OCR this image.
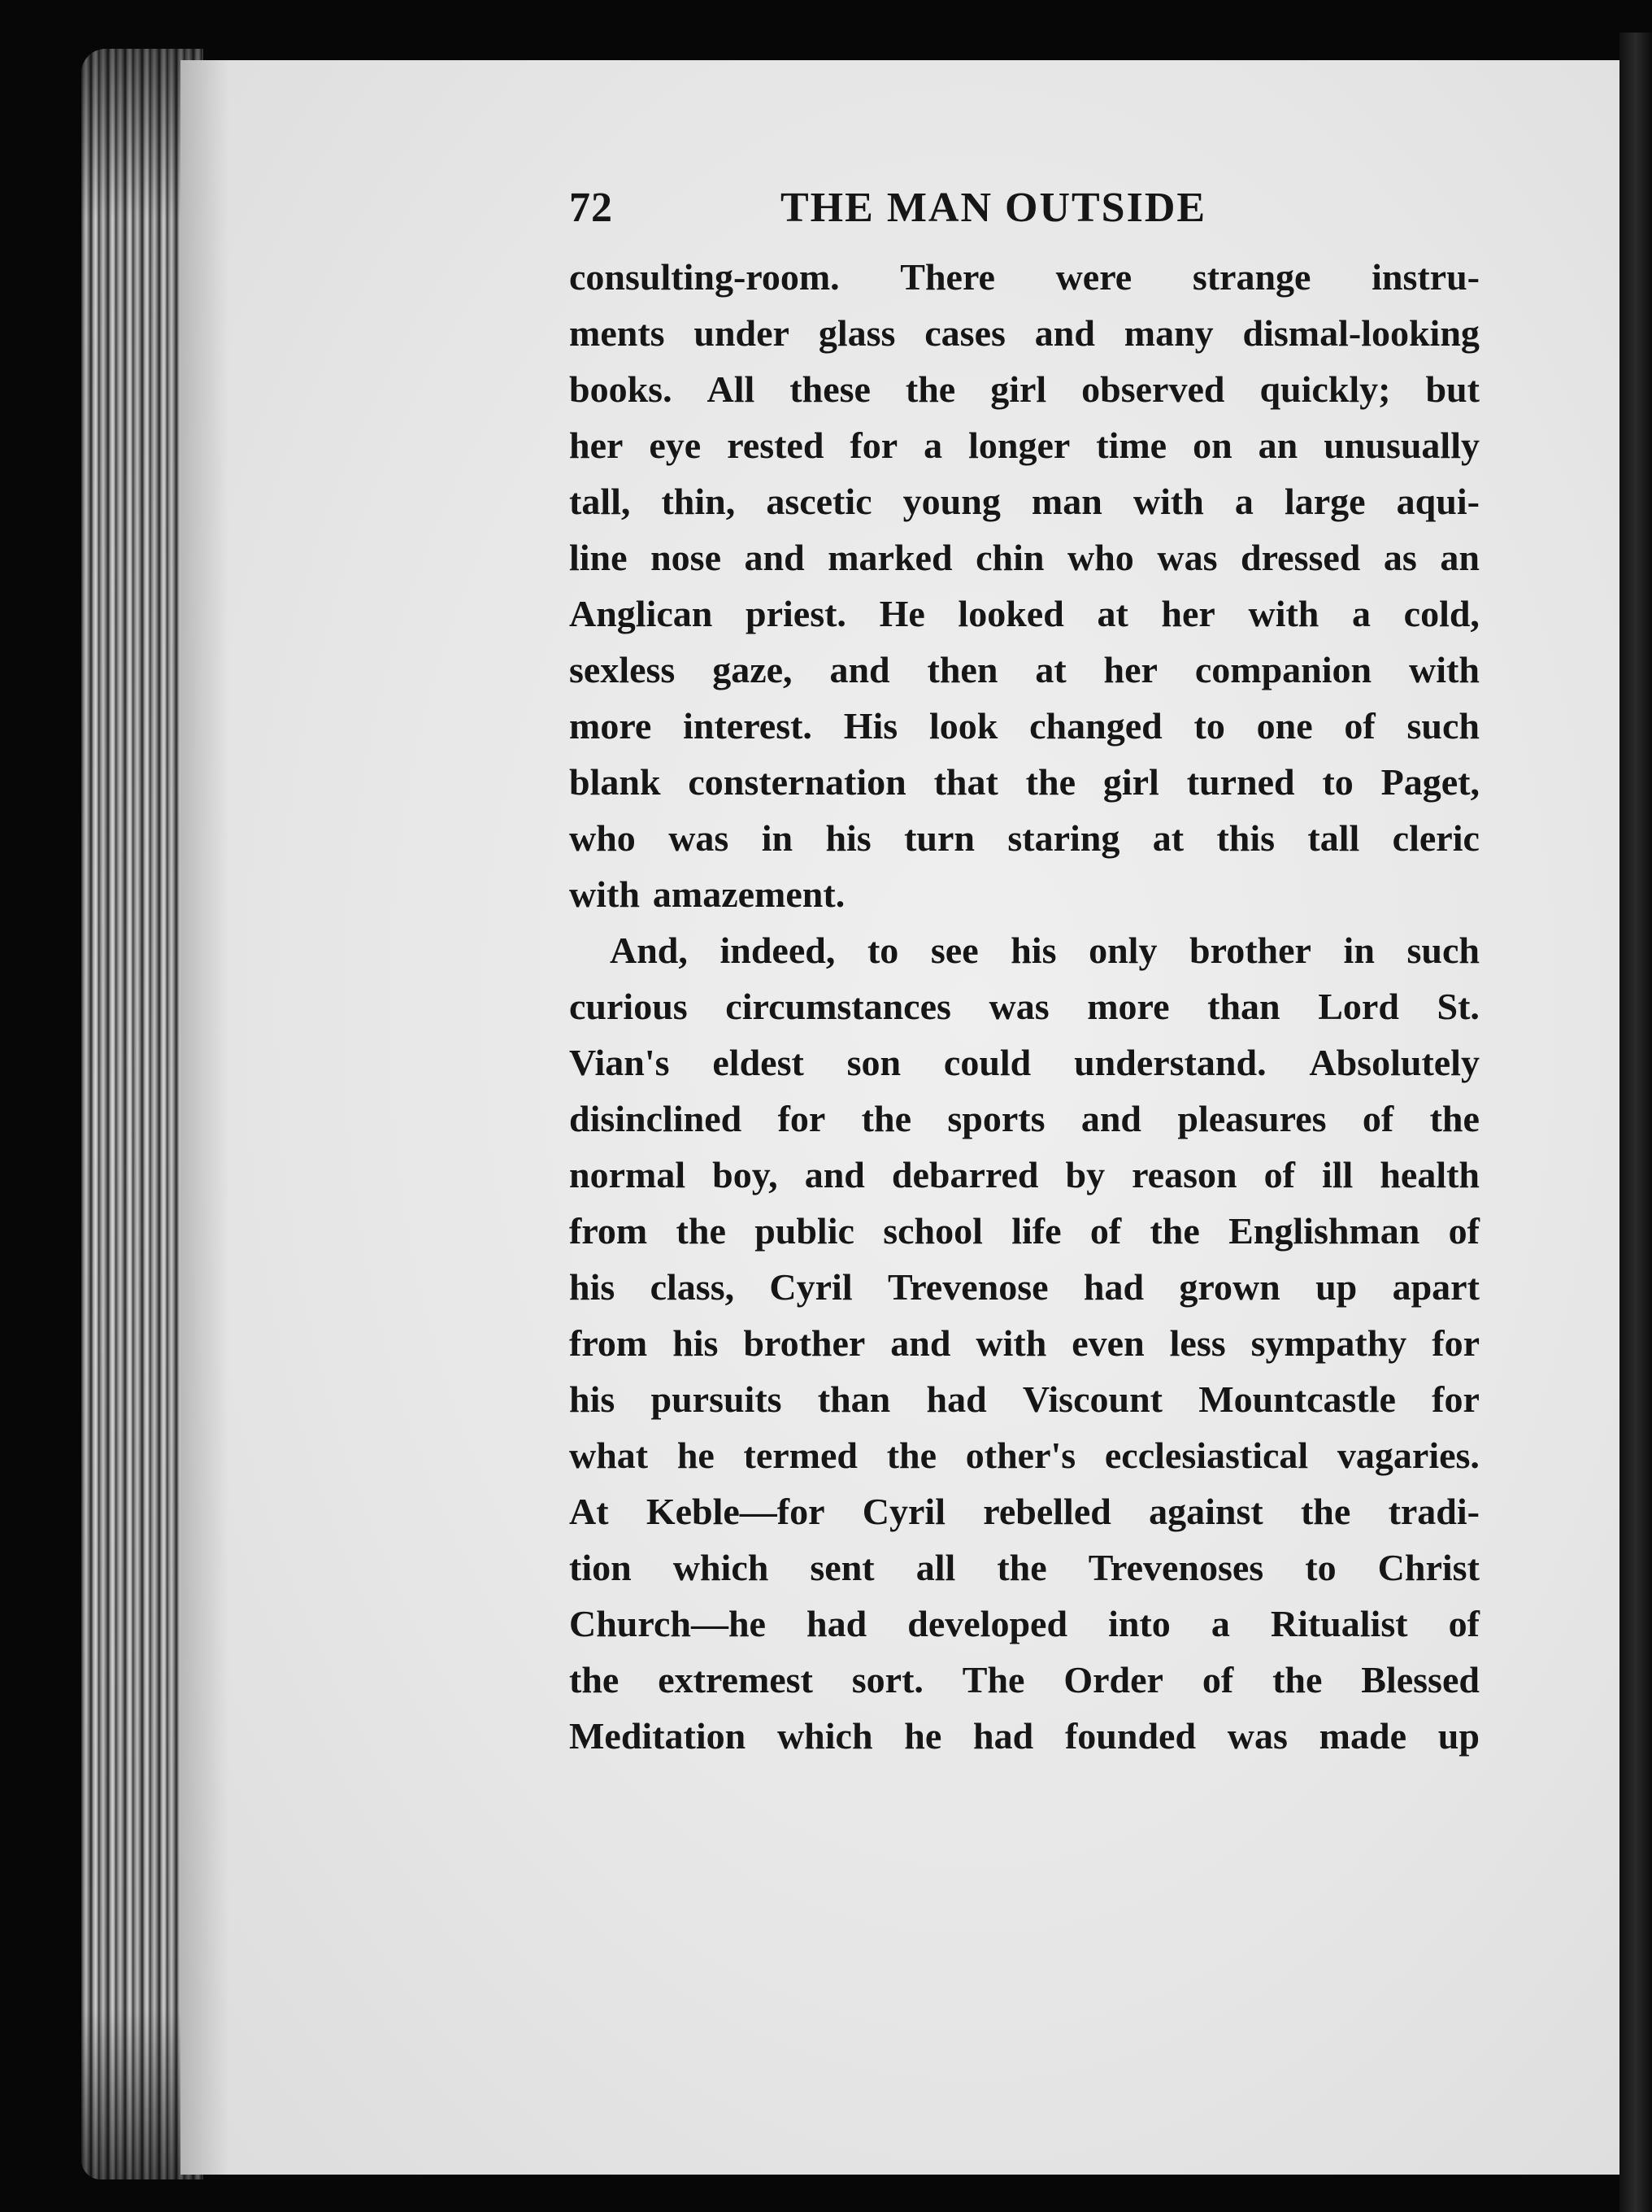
72	THE MAN OUTSIDE
consulting-room. There were strange instru-
ments under glass cases and many dismal-looking
books. All these the girl observed quickly; but
her eye rested for a longer time on an unusually
tall, thin, ascetic young man with a large aqui-
line nose and marked chin who was dressed as an
Anglican priest. He looked at her with a cold,
sexless gaze, and then at her companion with
more interest. His look changed to one of such
blank consternation that the girl turned to Paget,
who was in his turn staring at this tall cleric
with amazement.
And, indeed, to see his only brother in such
curious circumstances was more than Lord St.
Vian's eldest son could understand. Absolutely
disinclined for the sports and pleasures of the
normal boy, and debarred by reason of ill health
from the public school life of the Englishman of
his class, Cyril Trevenose had grown up apart
from his brother and with even less sympathy for
his pursuits than had Viscount Mountcastle for
what he termed the other's ecclesiastical vagaries.
At Keble—for Cyril rebelled against the tradi-
tion which sent all the Trevenoses to Christ
Church—he had developed into a Ritualist of
the extremest sort. The Order of the Blessed
Meditation which he had founded was made up
